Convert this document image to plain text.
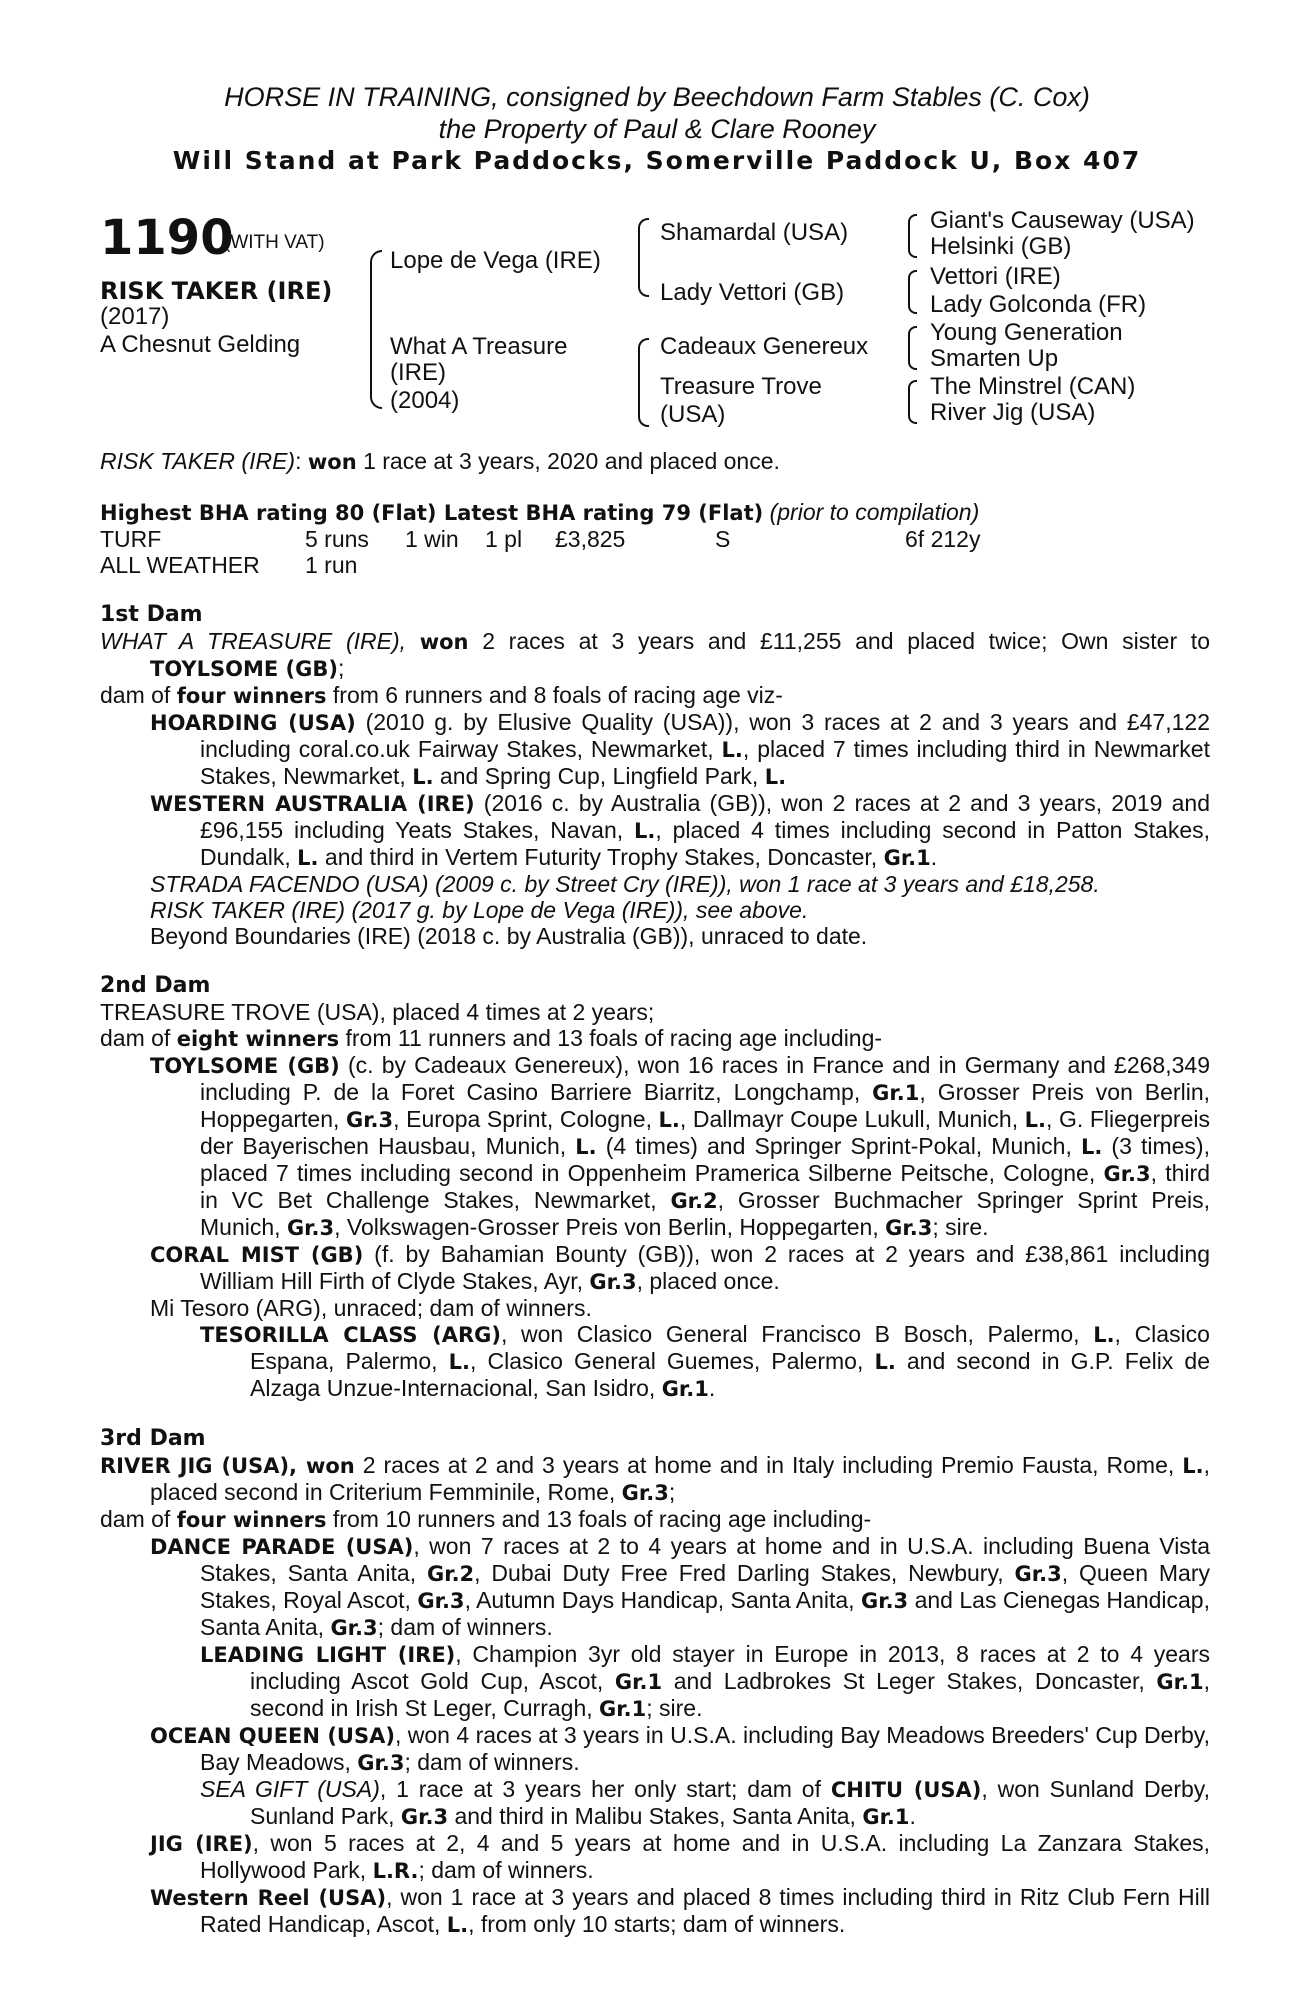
HORSE IN TRAINING, consigned by Beechdown Farm Stables (C. Cox)
the Property of Paul & Clare Rooney
Will Stand at Park Paddocks, Somerville Paddock U, Box 407
1190
(WITH VAT)
RISK TAKER (IRE)
(2017)
A Chesnut Gelding
Lope de Vega (IRE)
What A Treasure
(IRE)
(2004)
Shamardal (USA)
Lady Vettori (GB)
Cadeaux Genereux
Treasure Trove
(USA)
Giant's Causeway (USA)
Helsinki (GB)
Vettori (IRE)
Lady Golconda (FR)
Young Generation
Smarten Up
The Minstrel (CAN)
River Jig (USA)

RISK TAKER (IRE): won 1 race at 3 years, 2020 and placed once.

Highest BHA rating 80 (Flat) Latest BHA rating 79 (Flat) (prior to compilation)

TURF	5 runs 1 win 1 pl £3,825	S	6f 212y

ALL WEATHER 1 run

1st Dam

WHAT A TREASURE (IRE), won 2 races at 3 years and £11,255 and placed twice; Own sister to TOYLSOME (GB);

dam of four winners from 6 runners and 8 foals of racing age viz-

HOARDING (USA) (2010 g. by Elusive Quality (USA)), won 3 races at 2 and 3 years and £47,122 including coral.co.uk Fairway Stakes, Newmarket, L., placed 7 times including third in Newmarket Stakes, Newmarket, L. and Spring Cup, Lingfield Park, L.

WESTERN AUSTRALIA (IRE) (2016 c. by Australia (GB)), won 2 races at 2 and 3 years, 2019 and £96,155 including Yeats Stakes, Navan, L., placed 4 times including second in Patton Stakes, Dundalk, L. and third in Vertem Futurity Trophy Stakes, Doncaster, Gr.1.

STRADA FACENDO (USA) (2009 c. by Street Cry (IRE)), won 1 race at 3 years and £18,258.

RISK TAKER (IRE) (2017 g. by Lope de Vega (IRE)), see above.

Beyond Boundaries (IRE) (2018 c. by Australia (GB)), unraced to date.

2nd Dam

TREASURE TROVE (USA), placed 4 times at 2 years;

dam of eight winners from 11 runners and 13 foals of racing age including-

TOYLSOME (GB) (c. by Cadeaux Genereux), won 16 races in France and in Germany and £268,349 including P. de la Foret Casino Barriere Biarritz, Longchamp, Gr.1, Grosser Preis von Berlin, Hoppegarten, Gr.3, Europa Sprint, Cologne, L., Dallmayr Coupe Lukull, Munich, L., G. Fliegerpreis der Bayerischen Hausbau, Munich, L. (4 times) and Springer Sprint-Pokal, Munich, L. (3 times), placed 7 times including second in Oppenheim Pramerica Silberne Peitsche, Cologne, Gr.3, third in VC Bet Challenge Stakes, Newmarket, Gr.2, Grosser Buchmacher Springer Sprint Preis, Munich, Gr.3, Volkswagen-Grosser Preis von Berlin, Hoppegarten, Gr.3; sire.

CORAL MIST (GB) (f. by Bahamian Bounty (GB)), won 2 races at 2 years and £38,861 including William Hill Firth of Clyde Stakes, Ayr, Gr.3, placed once.

Mi Tesoro (ARG), unraced; dam of winners.

TESORILLA CLASS (ARG), won Clasico General Francisco B Bosch, Palermo, L., Clasico Espana, Palermo, L., Clasico General Guemes, Palermo, L. and second in G.P. Felix de Alzaga Unzue-Internacional, San Isidro, Gr.1.

3rd Dam

RIVER JIG (USA), won 2 races at 2 and 3 years at home and in Italy including Premio Fausta, Rome, L., placed second in Criterium Femminile, Rome, Gr.3;

dam of four winners from 10 runners and 13 foals of racing age including-

DANCE PARADE (USA), won 7 races at 2 to 4 years at home and in U.S.A. including Buena Vista Stakes, Santa Anita, Gr.2, Dubai Duty Free Fred Darling Stakes, Newbury, Gr.3, Queen Mary Stakes, Royal Ascot, Gr.3, Autumn Days Handicap, Santa Anita, Gr.3 and Las Cienegas Handicap, Santa Anita, Gr.3; dam of winners.

LEADING LIGHT (IRE), Champion 3yr old stayer in Europe in 2013, 8 races at 2 to 4 years including Ascot Gold Cup, Ascot, Gr.1 and Ladbrokes St Leger Stakes, Doncaster, Gr.1, second in Irish St Leger, Curragh, Gr.1; sire.

OCEAN QUEEN (USA), won 4 races at 3 years in U.S.A. including Bay Meadows Breeders' Cup Derby, Bay Meadows, Gr.3; dam of winners.

SEA GIFT (USA), 1 race at 3 years her only start; dam of CHITU (USA), won Sunland Derby, Sunland Park, Gr.3 and third in Malibu Stakes, Santa Anita, Gr.1.

JIG (IRE), won 5 races at 2, 4 and 5 years at home and in U.S.A. including La Zanzara Stakes, Hollywood Park, L.R.; dam of winners.

Western Reel (USA), won 1 race at 3 years and placed 8 times including third in Ritz Club Fern Hill Rated Handicap, Ascot, L., from only 10 starts; dam of winners.
